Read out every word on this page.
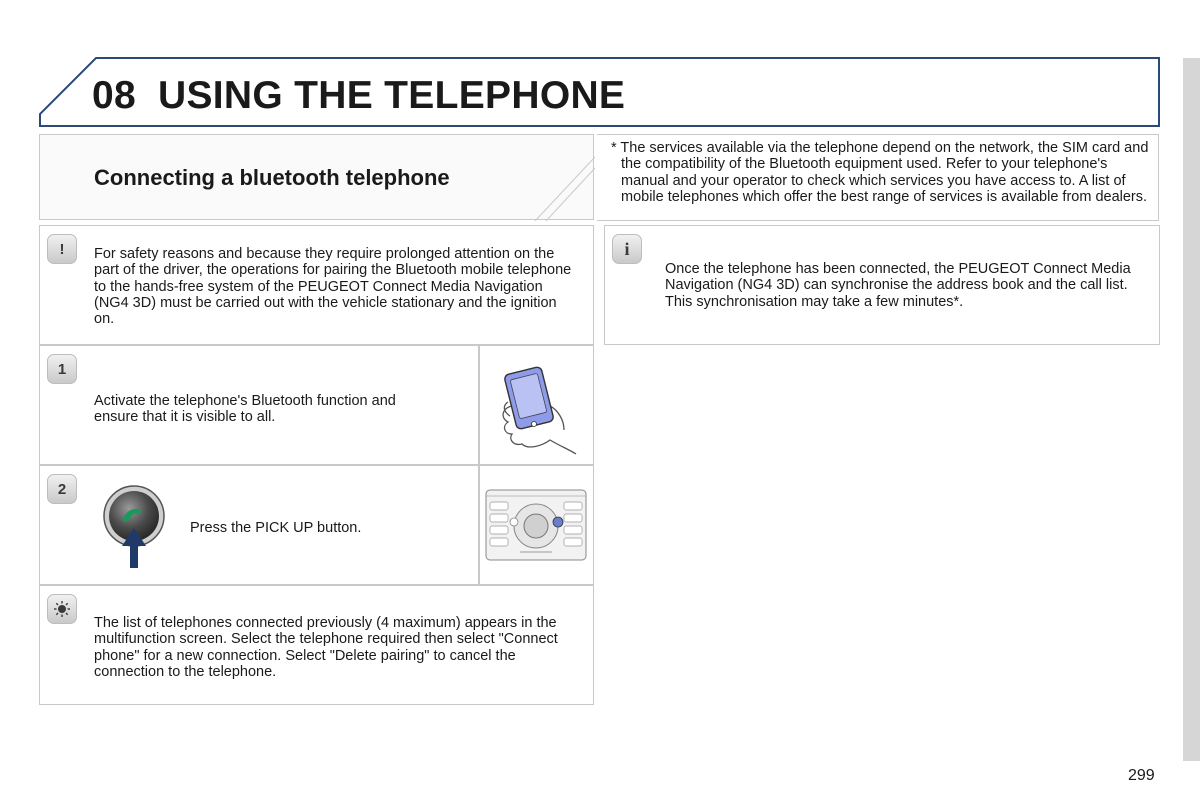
08 USING THE TELEPHONE
Connecting a bluetooth telephone
* The services available via the telephone depend on the network, the SIM card and the compatibility of the Bluetooth equipment used. Refer to your telephone's manual and your operator to check which services you have access to. A list of mobile telephones which offer the best range of services is available from dealers.
!	For safety reasons and because they require prolonged attention on the part of the driver, the operations for pairing the Bluetooth mobile telephone to the hands-free system of the PEUGEOT Connect Media Navigation (NG4 3D) must be carried out with the vehicle stationary and the ignition on.
i
Once the telephone has been connected, the PEUGEOT Connect Media Navigation (NG4 3D) can synchronise the address book and the call list. This synchronisation may take a few minutes*.
1
Activate the telephone's Bluetooth function and ensure that it is visible to all.
2
Press the PICK UP button.
The list of telephones connected previously (4 maximum) appears in the multifunction screen. Select the telephone required then select "Connect phone" for a new connection. Select "Delete pairing" to cancel the connection to the telephone.
299
